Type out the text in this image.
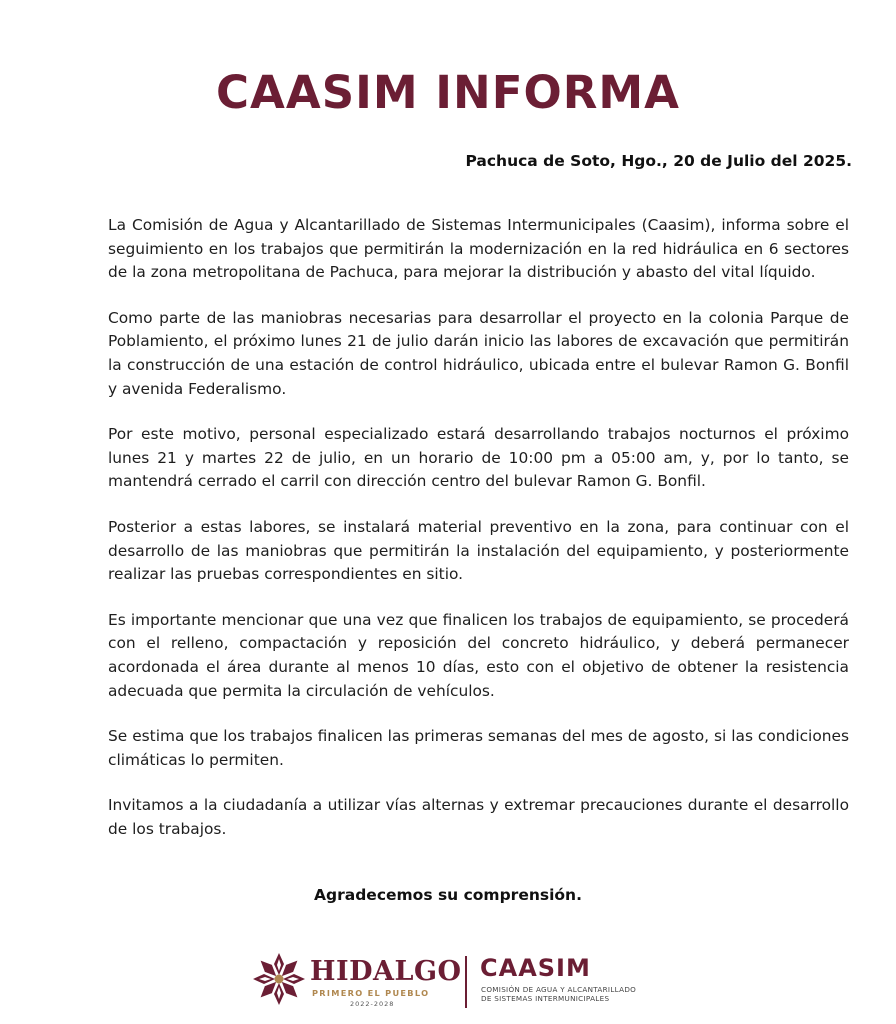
CAASIM INFORMA

Pachuca de Soto, Hgo., 20 de Julio del 2025.

La Comisión de Agua y Alcantarillado de Sistemas Intermunicipales (Caasim), informa sobre el seguimiento en los trabajos que permitirán la modernización en la red hidráulica en 6 sectores de la zona metropolitana de Pachuca, para mejorar la distribución y abasto del vital líquido.

Como parte de las maniobras necesarias para desarrollar el proyecto en la colonia Parque de Poblamiento, el próximo lunes 21 de julio darán inicio las labores de excavación que permitirán la construcción de una estación de control hidráulico, ubicada entre el bulevar Ramon G. Bonfil y avenida Federalismo.

Por este motivo, personal especializado estará desarrollando trabajos nocturnos el próximo lunes 21 y martes 22 de julio, en un horario de 10:00 pm a 05:00 am, y, por lo tanto, se mantendrá cerrado el carril con dirección centro del bulevar Ramon G. Bonfil.

Posterior a estas labores, se instalará material preventivo en la zona, para continuar con el desarrollo de las maniobras que permitirán la instalación del equipamiento, y posteriormente realizar las pruebas correspondientes en sitio.

Es importante mencionar que una vez que finalicen los trabajos de equipamiento, se procederá con el relleno, compactación y reposición del concreto hidráulico, y deberá permanecer acordonada el área durante al menos 10 días, esto con el objetivo de obtener la resistencia adecuada que permita la circulación de vehículos.

Se estima que los trabajos finalicen las primeras semanas del mes de agosto, si las condiciones climáticas lo permiten.

Invitamos a la ciudadanía a utilizar vías alternas y extremar precauciones durante el desarrollo de los trabajos.

Agradecemos su comprensión.

HIDALGO

PRIMERO EL PUEBLO

2022-2028

CAASIM

COMISIÓN DE AGUA Y ALCANTARILLADO DE SISTEMAS INTERMUNICIPALES
